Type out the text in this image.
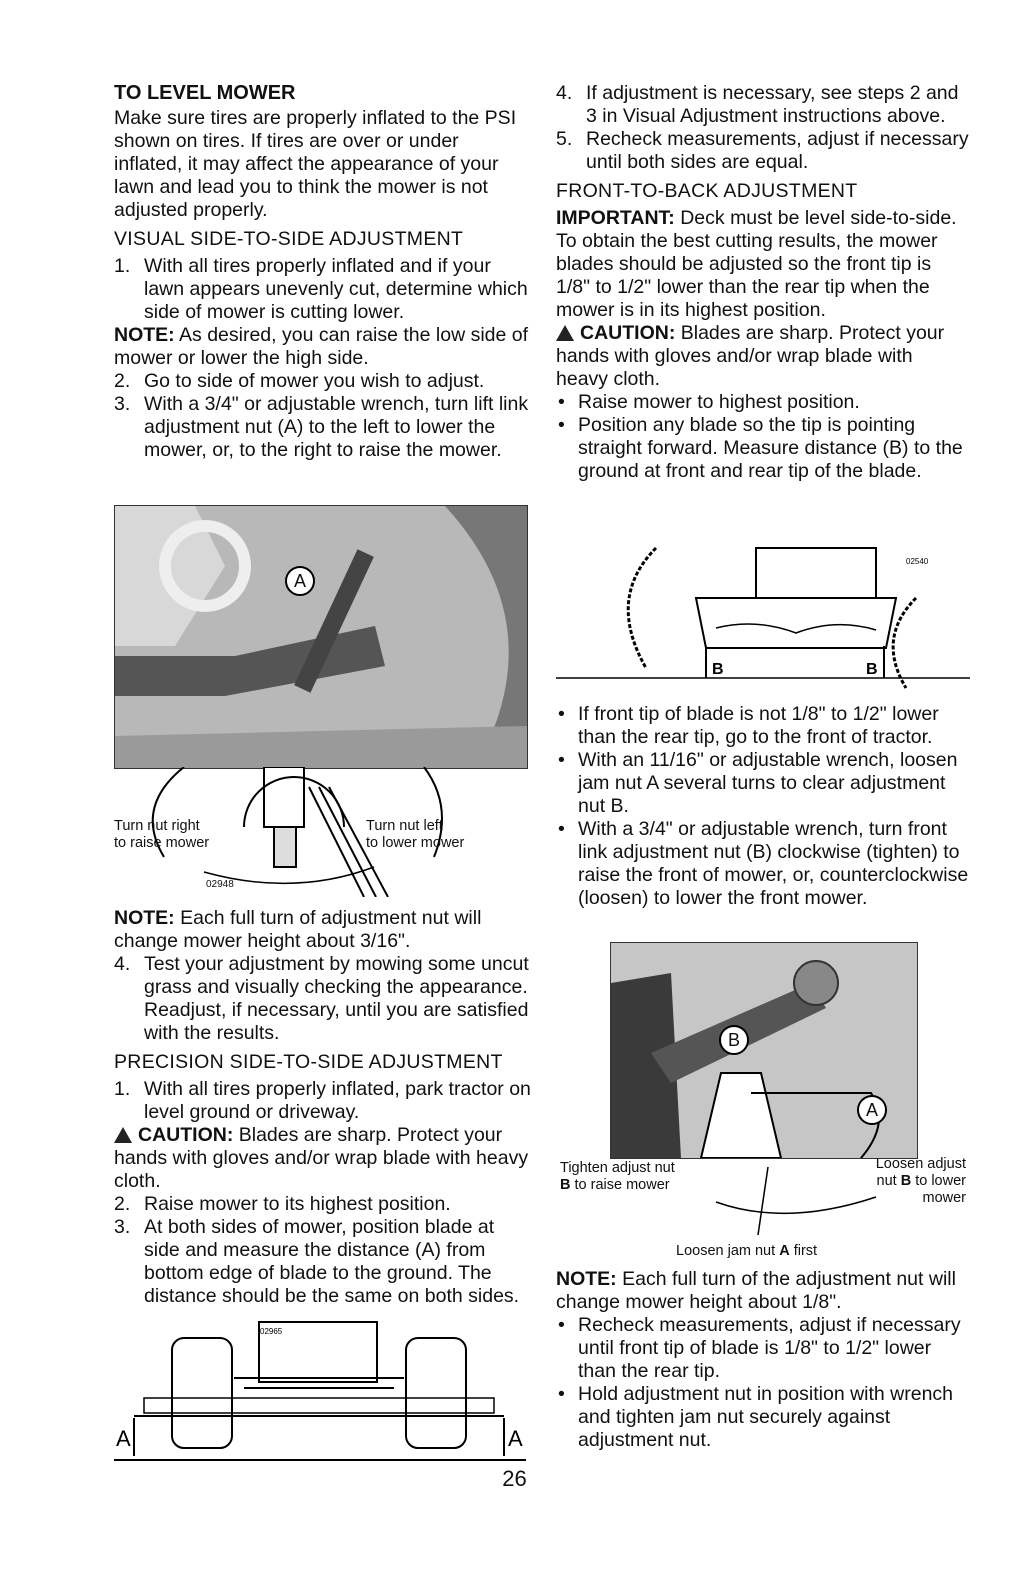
TO LEVEL MOWER

Make sure tires are properly inflated to the PSI shown on tires. If tires are over or under inflated, it may affect the appearance of your lawn and lead you to think the mower is not adjusted properly.

VISUAL SIDE-TO-SIDE ADJUSTMENT
1. With all tires properly inflated and if your lawn appears unevenly cut, determine which side of mower is cutting lower.

NOTE: As desired, you can raise the low side of mower or lower the high side.

2. Go to side of mower you wish to adjust.
3. With a 3/4" or adjustable wrench, turn lift link adjustment nut (A) to the left to lower the mower, or, to the right to raise the mower.
A
Turn nut right
to raise mower
Turn nut left
to lower mower
02948

NOTE: Each full turn of adjustment nut will change mower height about 3/16".

4. Test your adjustment by mowing some uncut grass and visually checking the appearance. Readjust, if necessary, until you are satisfied with the results.
PRECISION SIDE-TO-SIDE ADJUSTMENT
1. With all tires properly inflated, park tractor on level ground or driveway.

CAUTION: Blades are sharp. Protect your hands with gloves and/or wrap blade with heavy cloth.

2. Raise mower to its highest position.
3. At both sides of mower, position blade at side and measure the distance (A) from bottom edge of blade to the ground. The distance should be the same on both sides.
02965
A	A
4. If adjustment is necessary, see steps 2 and 3 in Visual Adjustment instructions above.
5. Recheck measurements, adjust if necessary until both sides are equal.
FRONT-TO-BACK ADJUSTMENT

IMPORTANT: Deck must be level side-to-side.

To obtain the best cutting results, the mower blades should be adjusted so the front tip is 1/8" to 1/2" lower than the rear tip when the mower is in its highest position.

CAUTION: Blades are sharp. Protect your hands with gloves and/or wrap blade with heavy cloth.

• Raise mower to highest position.
• Position any blade so the tip is pointing straight forward. Measure distance (B) to the ground at front and rear tip of the blade.
02540
B	B
• If front tip of blade is not 1/8" to 1/2" lower than the rear tip, go to the front of tractor.
• With an 11/16" or adjustable wrench, loosen jam nut A several turns to clear adjustment nut B.
• With a 3/4" or adjustable wrench, turn front link adjustment nut (B) clockwise (tighten) to raise the front of mower, or, counterclockwise (loosen) to lower the front mower.
B
A
Tighten adjust nut
B to raise mower
Loosen adjust
nut B to lower
mower
Loosen jam nut A first

NOTE: Each full turn of the adjustment nut will change mower height about 1/8".

• Recheck measurements, adjust if necessary until front tip of blade is 1/8" to 1/2" lower than the rear tip.
• Hold adjustment nut in position with wrench and tighten jam nut securely against adjustment nut.
26
